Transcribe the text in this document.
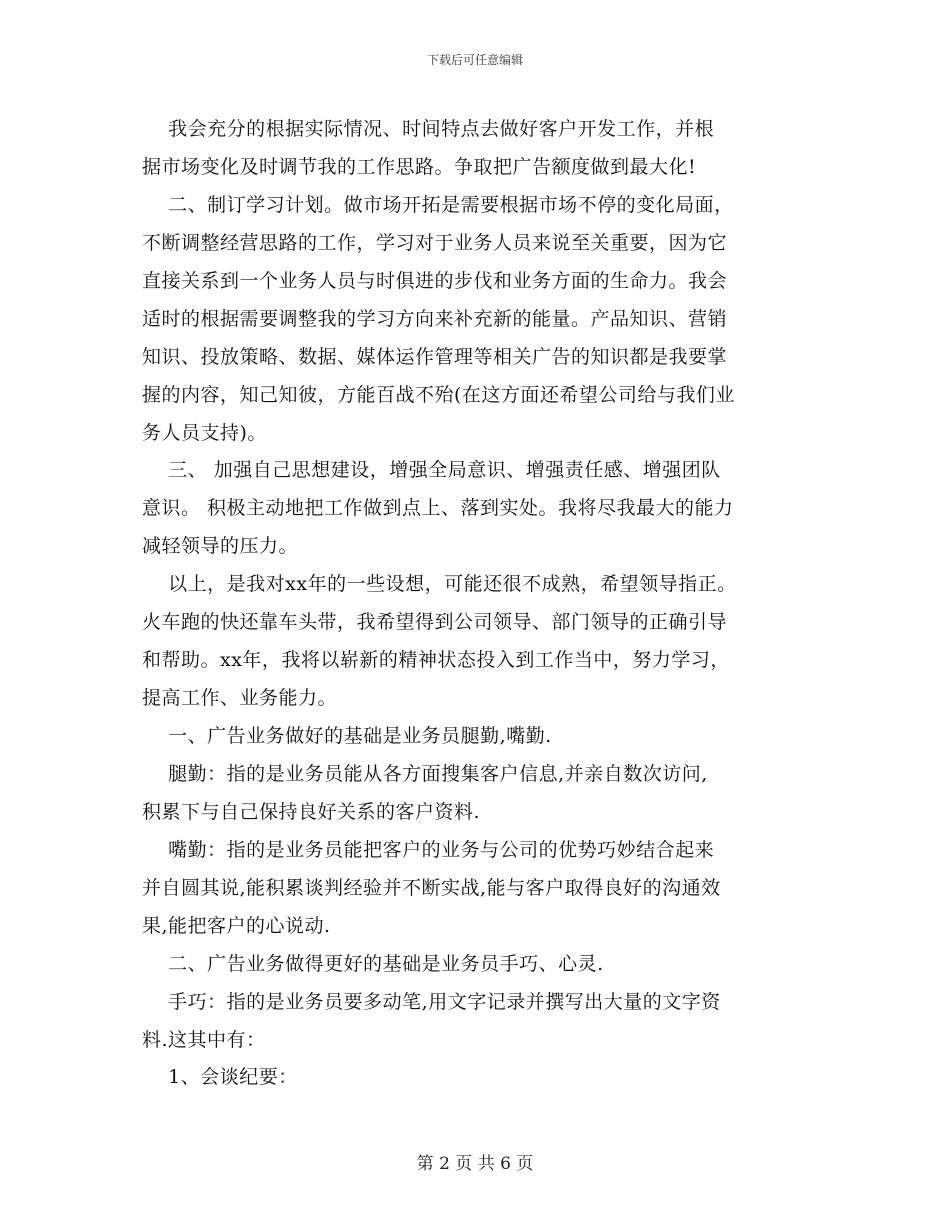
下载后可任意编辑
我会充分的根据实际情况、时间特点去做好客户开发工作，并根
据市场变化及时调节我的工作思路。争取把广告额度做到最大化!
二、制订学习计划。做市场开拓是需要根据市场不停的变化局面，
不断调整经营思路的工作，学习对于业务人员来说至关重要，因为它
直接关系到一个业务人员与时俱进的步伐和业务方面的生命力。我会
适时的根据需要调整我的学习方向来补充新的能量。产品知识、营销
知识、投放策略、数据、媒体运作管理等相关广告的知识都是我要掌
握的内容，知己知彼，方能百战不殆(在这方面还希望公司给与我们业
务人员支持)。
三、 加强自己思想建设，增强全局意识、增强责任感、增强团队
意识。 积极主动地把工作做到点上、落到实处。我将尽我最大的能力
减轻领导的压力。
以上，是我对xx年的一些设想，可能还很不成熟，希望领导指正。
火车跑的快还靠车头带，我希望得到公司领导、部门领导的正确引导
和帮助。xx年，我将以崭新的精神状态投入到工作当中，努力学习，
提高工作、业务能力。
一、广告业务做好的基础是业务员腿勤,嘴勤.
腿勤：指的是业务员能从各方面搜集客户信息,并亲自数次访问,
积累下与自己保持良好关系的客户资料.
嘴勤：指的是业务员能把客户的业务与公司的优势巧妙结合起来
并自圆其说,能积累谈判经验并不断实战,能与客户取得良好的沟通效
果,能把客户的心说动.
二、广告业务做得更好的基础是业务员手巧、心灵.
手巧：指的是业务员要多动笔,用文字记录并撰写出大量的文字资
料.这其中有：
1、会谈纪要：
第 2 页 共 6 页
